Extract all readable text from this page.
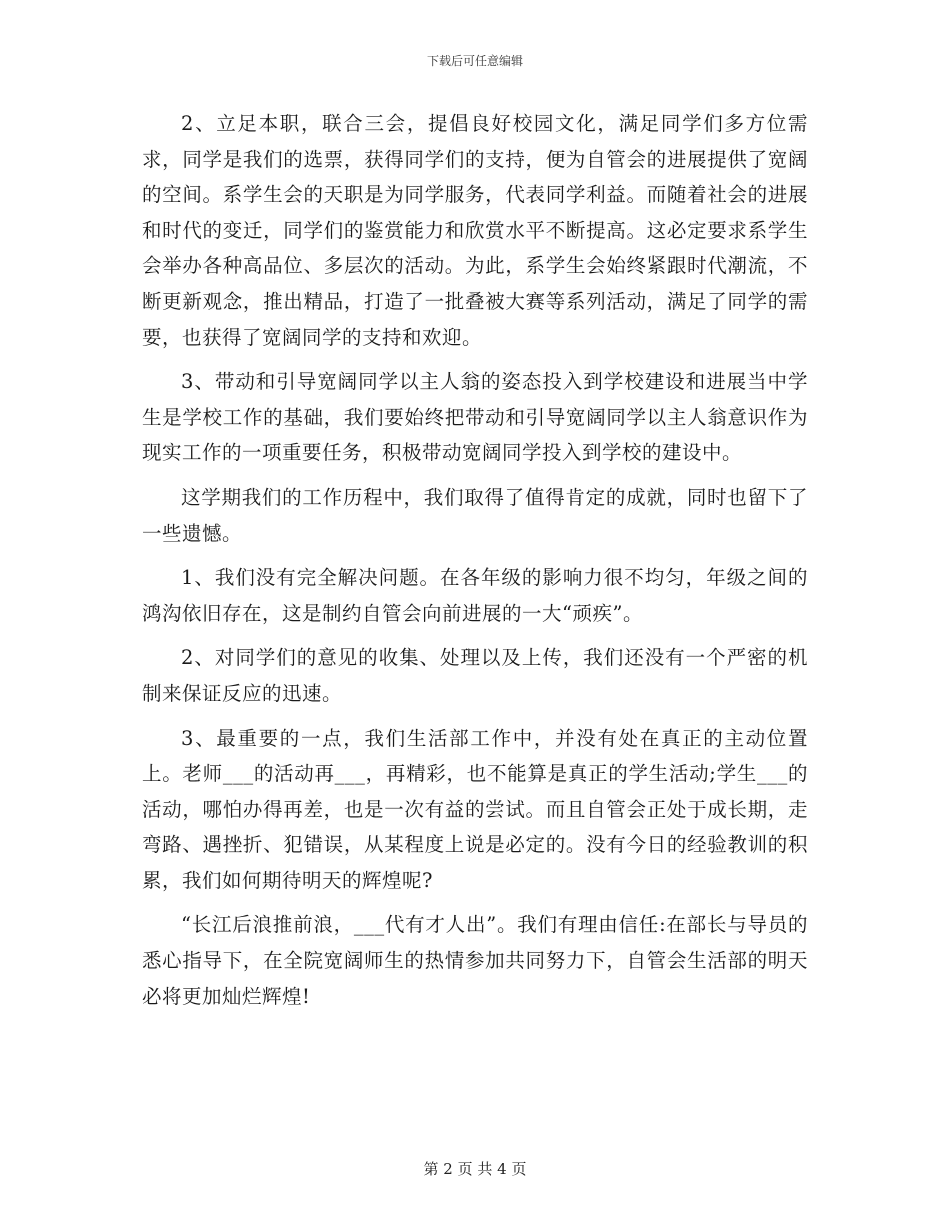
下载后可任意编辑

2、立足本职，联合三会，提倡良好校园文化，满足同学们多方位需求，同学是我们的选票，获得同学们的支持，便为自管会的进展提供了宽阔的空间。系学生会的天职是为同学服务，代表同学利益。而随着社会的进展和时代的变迁，同学们的鉴赏能力和欣赏水平不断提高。这必定要求系学生会举办各种高品位、多层次的活动。为此，系学生会始终紧跟时代潮流，不断更新观念，推出精品，打造了一批叠被大赛等系列活动，满足了同学的需要，也获得了宽阔同学的支持和欢迎。

3、带动和引导宽阔同学以主人翁的姿态投入到学校建设和进展当中学生是学校工作的基础，我们要始终把带动和引导宽阔同学以主人翁意识作为现实工作的一项重要任务，积极带动宽阔同学投入到学校的建设中。

这学期我们的工作历程中，我们取得了值得肯定的成就，同时也留下了一些遗憾。

1、我们没有完全解决问题。在各年级的影响力很不均匀，年级之间的鸿沟依旧存在，这是制约自管会向前进展的一大“顽疾”。

2、对同学们的意见的收集、处理以及上传，我们还没有一个严密的机制来保证反应的迅速。

3、最重要的一点，我们生活部工作中，并没有处在真正的主动位置上。老师___的活动再___，再精彩，也不能算是真正的学生活动;学生___的活动，哪怕办得再差，也是一次有益的尝试。而且自管会正处于成长期，走弯路、遇挫折、犯错误，从某程度上说是必定的。没有今日的经验教训的积累，我们如何期待明天的辉煌呢?

“长江后浪推前浪，___代有才人出”。我们有理由信任:在部长与导员的悉心指导下，在全院宽阔师生的热情参加共同努力下，自管会生活部的明天必将更加灿烂辉煌!

第 2 页 共 4 页
